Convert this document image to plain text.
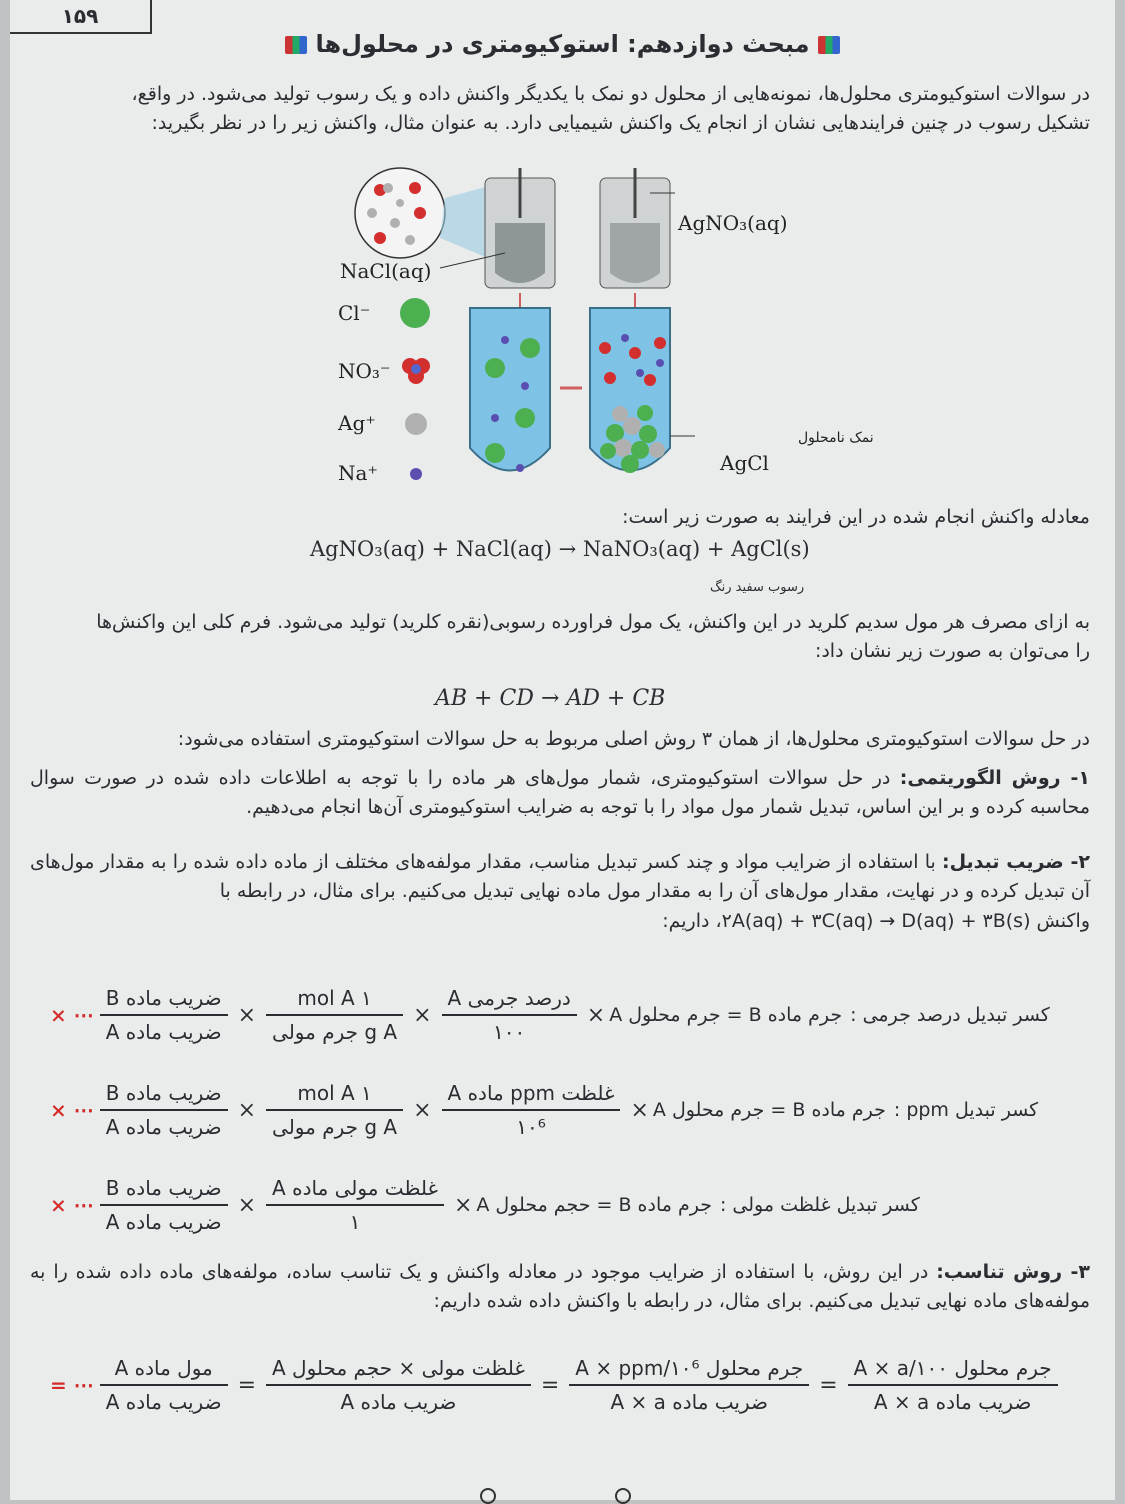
۱۵۹
مبحث دوازدهم: استوکیومتری در محلول‌ها
در سوالات استوکیومتری محلول‌ها، نمونه‌هایی از محلول دو نمک با یکدیگر واکنش داده و یک رسوب تولید می‌شود. در واقع،
تشکیل رسوب در چنین فرایندهایی نشان از انجام یک واکنش شیمیایی دارد. به عنوان مثال، واکنش زیر را در نظر بگیرید:
NaCl(aq)
AgNO₃(aq)
Cl⁻
NO₃⁻
Ag⁺
Na⁺
نمک نامحلول
AgCl
معادله واکنش انجام شده در این فرایند به صورت زیر است:
AgNO₃(aq) + NaCl(aq) → NaNO₃(aq) + AgCl(s)
رسوب سفید رنگ
به ازای مصرف هر مول سدیم کلرید در این واکنش، یک مول فراورده رسوبی(نقره کلرید) تولید می‌شود. فرم کلی این واکنش‌ها
را می‌توان به صورت زیر نشان داد:
AB + CD → AD + CB
در حل سوالات استوکیومتری محلول‌ها، از همان ۳ روش اصلی مربوط به حل سوالات استوکیومتری استفاده می‌شود:
۱- روش الگوریتمی: در حل سوالات استوکیومتری، شمار مول‌های هر ماده را با توجه به اطلاعات داده شده در صورت سوال محاسبه کرده و بر این اساس، تبدیل شمار مول مواد را با توجه به ضرایب استوکیومتری آن‌ها انجام می‌دهیم.
۲- ضریب تبدیل: با استفاده از ضرایب مواد و چند کسر تبدیل مناسب، مقدار مولفه‌های مختلف از ماده داده شده را به مقدار مول‌های آن تبدیل کرده و در نهایت، مقدار مول‌های آن را به مقدار مول ماده نهایی تبدیل می‌کنیم. برای مثال، در رابطه با
واکنش ۲A(aq) + ۳C(aq) → D(aq) + ۳B(s)، داریم:
× ⋯ $\frac{\text{ضریب ماده B}}{\text{ضریب ماده A}} \times \frac{\text{۱ mol A}}{\text{g A جرم مولی}} \times \frac{\text{درصد جرمی A}}{۱۰۰}$ × جرم ماده B = جرم محلول A کسر تبدیل درصد جرمی :
× ⋯ $\frac{\text{ضریب ماده B}}{\text{ضریب ماده A}} \times \frac{\text{۱ mol A}}{\text{g A جرم مولی}} \times \frac{\text{غلظت ppm ماده A}}{\text{۱۰⁶}}$ × جرم ماده B = جرم محلول A کسر تبدیل ppm :
× ⋯ $\frac{\text{ضریب ماده B}}{\text{ضریب ماده A}} \times \frac{\text{غلظت مولی ماده A}}{۱}$ × جرم ماده B = حجم محلول A کسر تبدیل غلظت مولی :
۳- روش تناسب: در این روش، با استفاده از ضرایب موجود در معادله واکنش و یک تناسب ساده، مولفه‌های ماده داده شده را به مولفه‌های ماده نهایی تبدیل می‌کنیم. برای مثال، در رابطه با واکنش داده شده داریم:
= ⋯ $\frac{\text{مول ماده A}}{\text{ضریب ماده A}} = \frac{\text{غلظت مولی × حجم محلول A}}{\text{ضریب ماده A}} = \frac{\text{جرم محلول A × ppm/۱۰⁶}}{\text{ضریب ماده A × a}} = \frac{\text{جرم محلول A × a/۱۰۰}}{\text{ضریب ماده A × a}}$
